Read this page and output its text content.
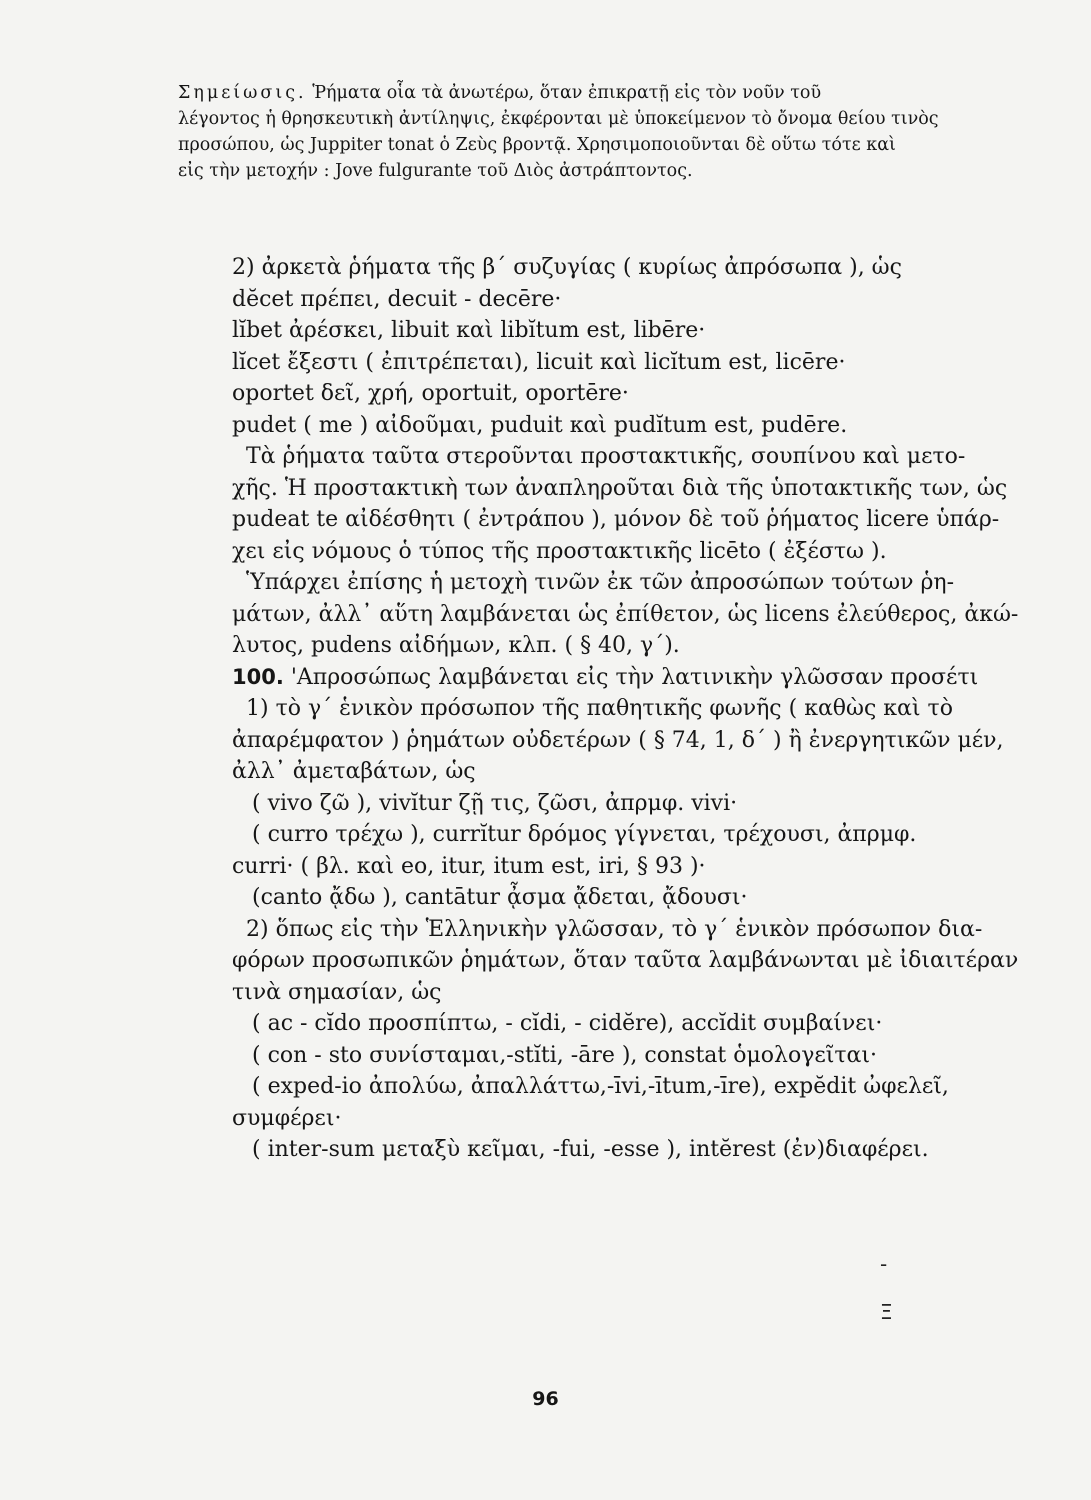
Σημείωσις. Ῥήματα οἷα τὰ ἀνωτέρω, ὅταν ἐπικρατῇ εἰς τὸν νοῦν τοῦ
λέγοντος ἡ θρησκευτικὴ ἀντίληψις, ἐκφέρονται μὲ ὑποκείμενον τὸ ὄνομα θείου τινὸς
προσώπου, ὡς Juppiter tonat ὁ Ζεὺς βροντᾷ. Χρησιμοποιοῦνται δὲ οὕτω τότε καὶ
εἰς τὴν μετοχήν : Jove fulgurante τοῦ Διὸς ἀστράπτοντος.
2) ἀρκετὰ ῥήματα τῆς β΄ συζυγίας ( κυρίως ἀπρόσωπα ), ὡς
dĕcet πρέπει, decuit - decēre·
lĭbet ἀρέσκει, libuit καὶ libĭtum est, libēre·
lĭcet ἔξεστι ( ἐπιτρέπεται), licuit καὶ licĭtum est, licēre·
oportet δεῖ, χρή, oportuit, oportēre·
pudet ( me ) αἰδοῦμαι, puduit καὶ pudĭtum est, pudēre.
Τὰ ῥήματα ταῦτα στεροῦνται προστακτικῆς, σουπίνου καὶ μετο-
χῆς. Ἡ προστακτικὴ των ἀναπληροῦται διὰ τῆς ὑποτακτικῆς των, ὡς
pudeat te αἰδέσθητι ( ἐντράπου ), μόνον δὲ τοῦ ῥήματος licere ὑπάρ-
χει εἰς νόμους ὁ τύπος τῆς προστακτικῆς licēto ( ἐξέστω ).
Ὑπάρχει ἐπίσης ἡ μετοχὴ τινῶν ἐκ τῶν ἀπροσώπων τούτων ῥη-
μάτων, ἀλλ᾽ αὕτη λαμβάνεται ὡς ἐπίθετον, ὡς licens ἐλεύθερος, ἀκώ-
λυτος, pudens αἰδήμων, κλπ. ( § 40, γ΄).
100. 'Απροσώπως λαμβάνεται εἰς τὴν λατινικὴν γλῶσσαν προσέτι
1) τὸ γ΄ ἑνικὸν πρόσωπον τῆς παθητικῆς φωνῆς ( καθὼς καὶ τὸ
ἀπαρέμφατον ) ῥημάτων οὐδετέρων ( § 74, 1, δ΄ ) ἢ ἐνεργητικῶν μέν,
ἀλλ᾽ ἀμεταβάτων, ὡς
( vivo ζῶ ), vivĭtur ζῇ τις, ζῶσι, ἀπρμφ. vivi·
( curro τρέχω ), currĭtur δρόμος γίγνεται, τρέχουσι, ἀπρμφ.
curri· ( βλ. καὶ eo, itur, itum est, iri, § 93 )·
(canto ᾄδω ), cantātur ᾆσμα ᾄδεται, ᾄδουσι·
2) ὅπως εἰς τὴν Ἑλληνικὴν γλῶσσαν, τὸ γ΄ ἑνικὸν πρόσωπον δια-
φόρων προσωπικῶν ῥημάτων, ὅταν ταῦτα λαμβάνωνται μὲ ἰδιαιτέραν
τινὰ σημασίαν, ὡς
( ac - cĭdo προσπίπτω, - cĭdi, - cidĕre), accĭdit συμβαίνει·
( con - sto συνίσταμαι,-stĭti, -āre ), constat ὁμολογεῖται·
( exped-io ἀπολύω, ἀπαλλάττω,-īvi,-ītum,-īre), expĕdit ὠφελεῖ,
συμφέρει·
( inter-sum μεταξὺ κεῖμαι, -fui, -esse ), intĕrest (ἐν)διαφέρει.
-
Ξ
96
